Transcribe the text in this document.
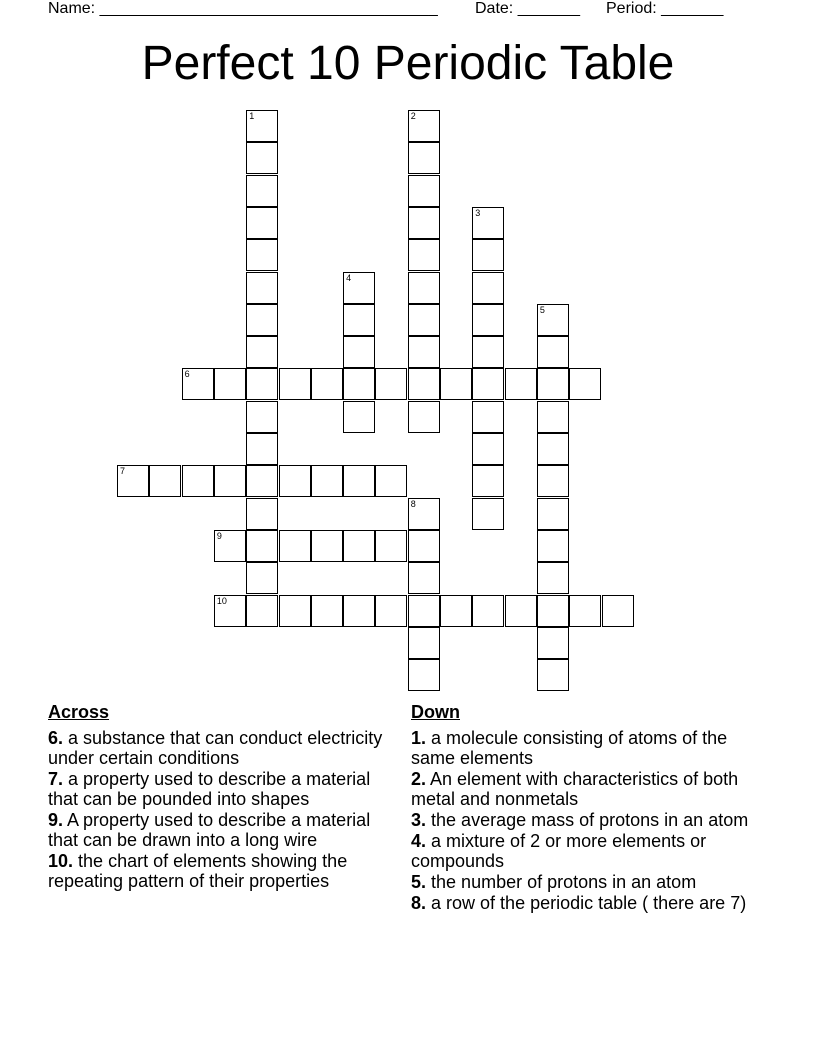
Name: ______________________________________

Date: _______

Period: _______

Perfect 10 Periodic Table
1	2
3
4
5
6
7
8
9
10
Across
6. a substance that can conduct electricity under certain conditions
7. a property used to describe a material that can be pounded into shapes
9. A property used to describe a material that can be drawn into a long wire
10. the chart of elements showing the repeating pattern of their properties
Down
1. a molecule consisting of atoms of the same elements
2. An element with characteristics of both metal and nonmetals
3. the average mass of protons in an atom
4. a mixture of 2 or more elements or compounds
5. the number of protons in an atom
8. a row of the periodic table ( there are 7)
